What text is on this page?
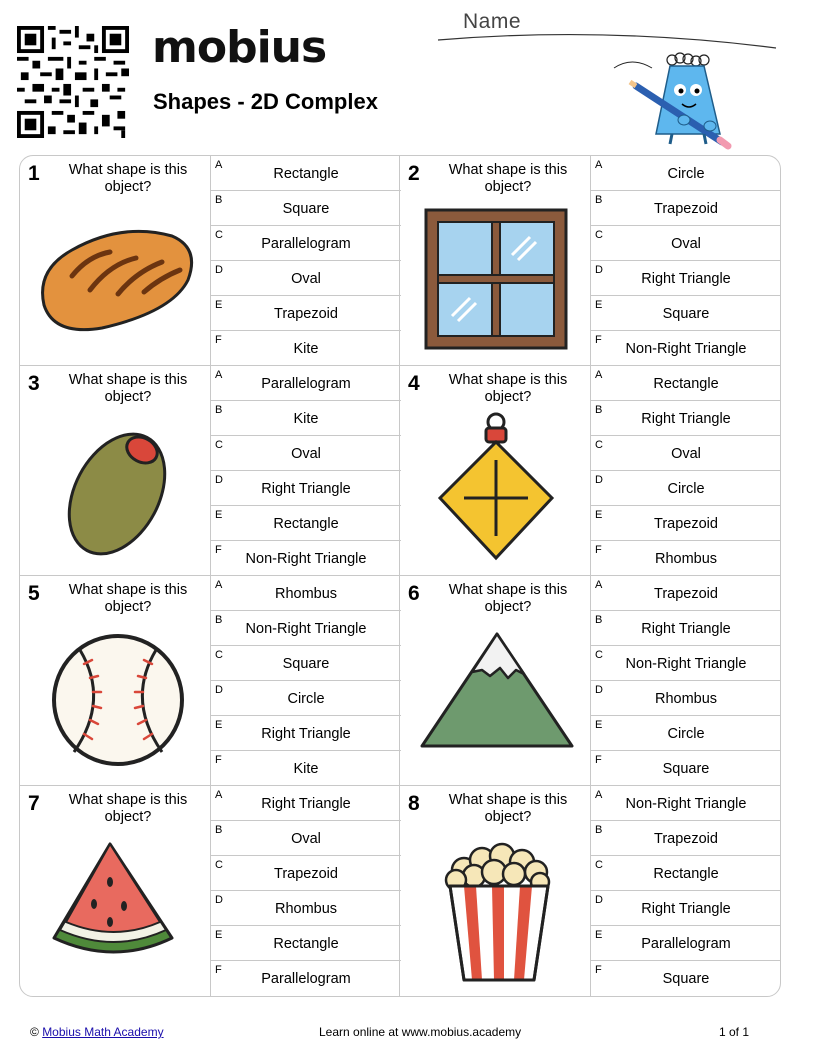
mobius
Shapes - 2D Complex
Name
1	What shape is this object?
A
Rectangle
B
Square
C
Parallelogram
D
Oval
E
Trapezoid
F
Kite
2	What shape is this object?
A
Circle
B
Trapezoid
C
Oval
D
Right Triangle
E
Square
F
Non-Right Triangle
3	What shape is this object?
A
Parallelogram
B
Kite
C
Oval
D
Right Triangle
E
Rectangle
F
Non-Right Triangle
4	What shape is this object?
A
Rectangle
B
Right Triangle
C
Oval
D
Circle
E
Trapezoid
F
Rhombus
5	What shape is this object?
A
Rhombus
B
Non-Right Triangle
C
Square
D
Circle
E
Right Triangle
F
Kite
6	What shape is this object?
A
Trapezoid
B
Right Triangle
C
Non-Right Triangle
D
Rhombus
E
Circle
F
Square
7	What shape is this object?
A
Right Triangle
B
Oval
C
Trapezoid
D
Rhombus
E
Rectangle
F
Parallelogram
8	What shape is this object?
A
Non-Right Triangle
B
Trapezoid
C
Rectangle
D
Right Triangle
E
Parallelogram
F
Square
© Mobius Math Academy	Learn online at www.mobius.academy	1 of 1
